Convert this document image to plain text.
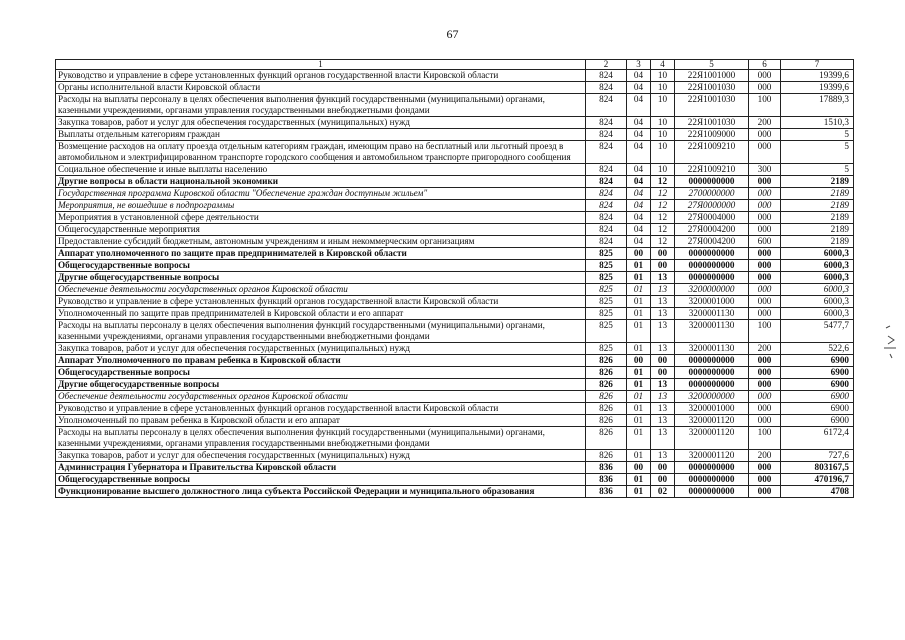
67
1	2	3	4	5	6	7
Руководство и управление в сфере установленных функций органов государственной власти Кировской области	824	04	10	22Я1001000	000	19399,6
Органы исполнительной власти Кировской области	824	04	10	22Я1001030	000	19399,6
Расходы на выплаты персоналу в целях обеспечения выполнения функций государственными (муниципальными) органами, казенными учреждениями, органами управления государственными внебюджетными фондами	824	04	10	22Я1001030	100	17889,3
Закупка товаров, работ и услуг для обеспечения государственных (муниципальных) нужд	824	04	10	22Я1001030	200	1510,3
Выплаты отдельным категориям граждан	824	04	10	22Я1009000	000	5
Возмещение расходов на оплату проезда отдельным категориям граждан, имеющим право на бесплатный или льготный проезд в автомобильном и электрифицированном транспорте городского сообщения и автомобильном транспорте пригородного сообщения	824	04	10	22Я1009210	000	5
Социальное обеспечение и иные выплаты населению	824	04	10	22Я1009210	300	5
Другие вопросы в области национальной экономики	824	04	12	0000000000	000	2189
Государственная программа Кировской области "Обеспечение граждан доступным жильем"	824	04	12	2700000000	000	2189
Мероприятия, не вошедшие в подпрограммы	824	04	12	27Я0000000	000	2189
Мероприятия в установленной сфере деятельности	824	04	12	27Я0004000	000	2189
Общегосударственные мероприятия	824	04	12	27Я0004200	000	2189
Предоставление субсидий бюджетным, автономным учреждениям и иным некоммерческим организациям	824	04	12	27Я0004200	600	2189
Аппарат уполномоченного по защите прав предпринимателей в Кировской области	825	00	00	0000000000	000	6000,3
Общегосударственные вопросы	825	01	00	0000000000	000	6000,3
Другие общегосударственные вопросы	825	01	13	0000000000	000	6000,3
Обеспечение деятельности государственных органов Кировской области	825	01	13	3200000000	000	6000,3
Руководство и управление в сфере установленных функций органов государственной власти Кировской области	825	01	13	3200001000	000	6000,3
Уполномоченный по защите прав предпринимателей в Кировской области и его аппарат	825	01	13	3200001130	000	6000,3
Расходы на выплаты персоналу в целях обеспечения выполнения функций государственными (муниципальными) органами, казенными учреждениями, органами управления государственными внебюджетными фондами	825	01	13	3200001130	100	5477,7
Закупка товаров, работ и услуг для обеспечения государственных (муниципальных) нужд	825	01	13	3200001130	200	522,6
Аппарат Уполномоченного по правам ребенка в Кировской области	826	00	00	0000000000	000	6900
Общегосударственные вопросы	826	01	00	0000000000	000	6900
Другие общегосударственные вопросы	826	01	13	0000000000	000	6900
Обеспечение деятельности государственных органов Кировской области	826	01	13	3200000000	000	6900
Руководство и управление в сфере установленных функций органов государственной власти Кировской области	826	01	13	3200001000	000	6900
Уполномоченный по правам ребенка в Кировской области и его аппарат	826	01	13	3200001120	000	6900
Расходы на выплаты персоналу в целях обеспечения выполнения функций государственными (муниципальными) органами, казенными учреждениями, органами управления государственными внебюджетными фондами	826	01	13	3200001120	100	6172,4
Закупка товаров, работ и услуг для обеспечения государственных (муниципальных) нужд	826	01	13	3200001120	200	727,6
Администрация Губернатора и Правительства Кировской области	836	00	00	0000000000	000	803167,5
Общегосударственные вопросы	836	01	00	0000000000	000	470196,7
Функционирование высшего должностного лица субъекта Российской Федерации и муниципального образования	836	01	02	0000000000	000	4708
